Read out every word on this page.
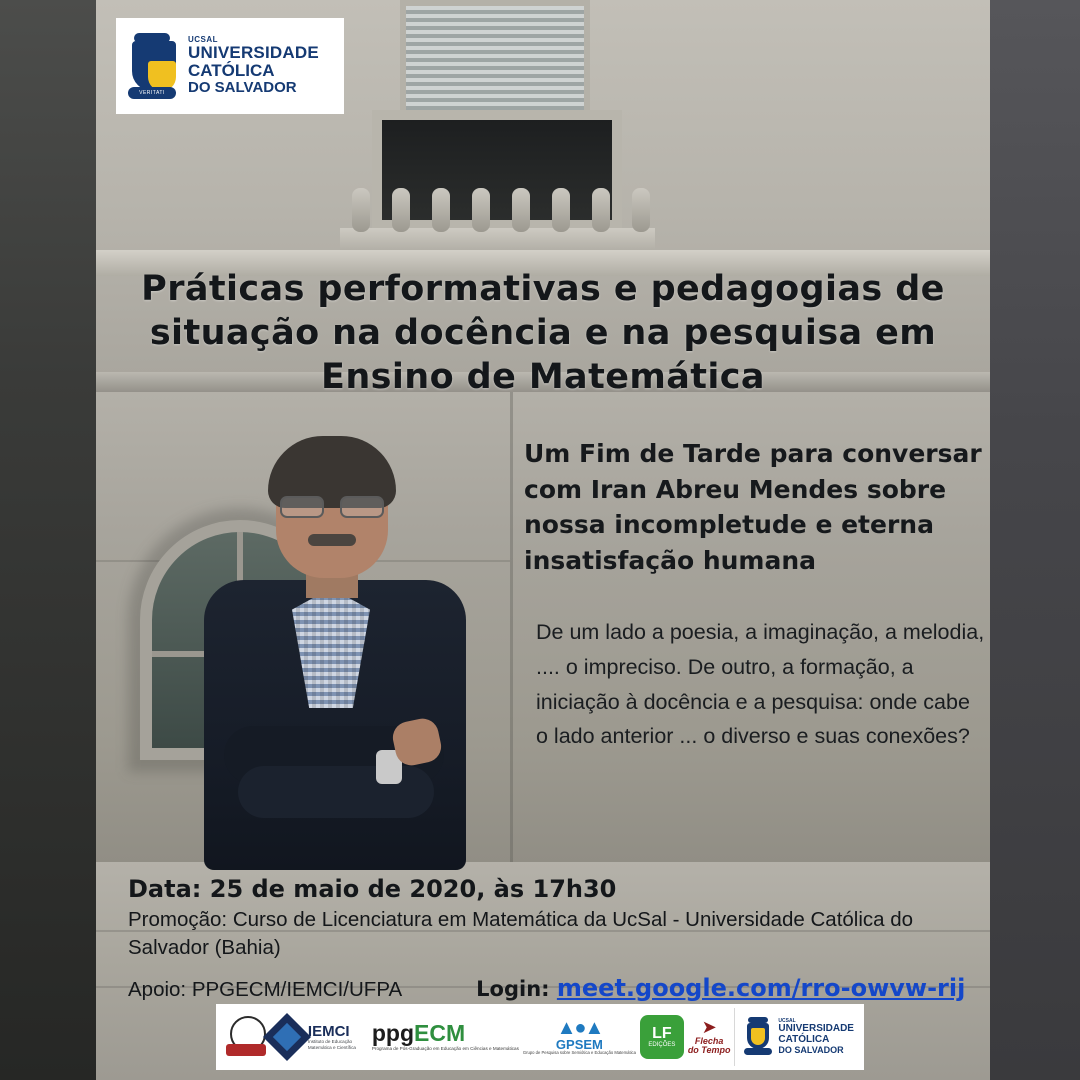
VERITATI
UCSAL
UNIVERSIDADE
CATÓLICA
DO SALVADOR
Práticas performativas e pedagogias de situação na docência e na pesquisa em Ensino de Matemática
Um Fim de Tarde para conversar com Iran Abreu Mendes sobre nossa incompletude e eterna insatisfação humana
De um lado a poesia, a imaginação, a melodia, .... o impreciso. De outro, a formação, a iniciação à docência e a pesquisa: onde cabe o lado anterior ... o diverso e suas conexões?
Data: 25 de maio de 2020, às 17h30
Promoção: Curso de Licenciatura em Matemática da UcSal - Universidade Católica do Salvador (Bahia)
Apoio: PPGECM/IEMCI/UFPA	Login: meet.google.com/rro-owvw-rij
IEMCI
Instituto de Educação Matemática e Científica
ppgECM
Programa de Pós-Graduação em Educação em Ciências e Matemáticas
▲●▲
GPSEM
Grupo de Pesquisa sobre Semiótica e Educação Matemática
LF
EDIÇÕES
➤
Flecha
do Tempo
UCSAL
UNIVERSIDADE
CATÓLICA
DO SALVADOR
